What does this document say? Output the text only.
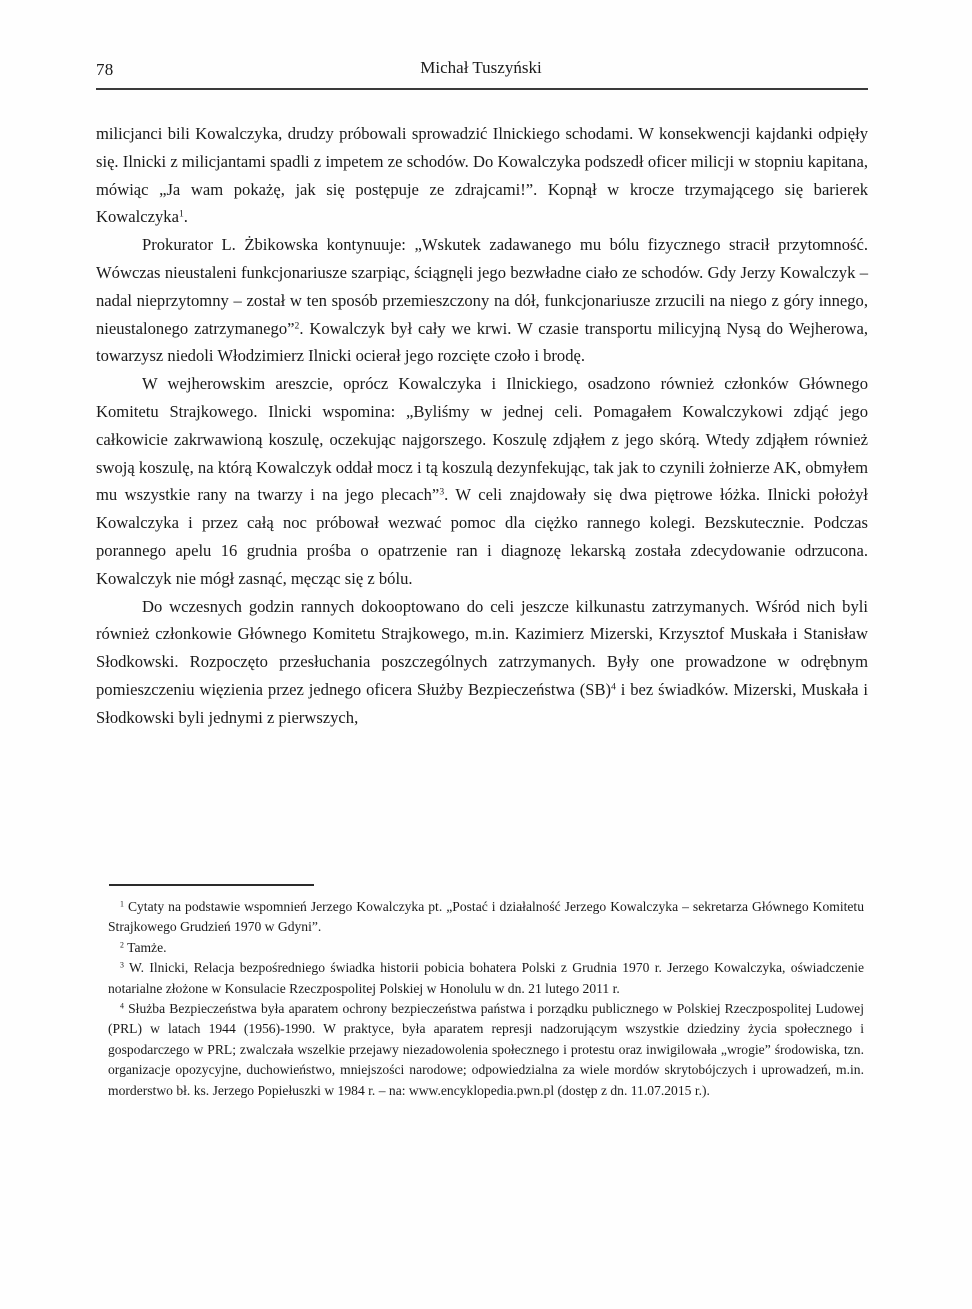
78	Michał Tuszyński

milicjanci bili Kowalczyka, drudzy próbowali sprowadzić Ilnickiego schodami. W konsekwencji kajdanki odpięły się. Ilnicki z milicjantami spadli z impetem ze schodów. Do Kowalczyka podszedł oficer milicji w stopniu kapitana, mówiąc „Ja wam pokażę, jak się postępuje ze zdrajcami!”. Kopnął w krocze trzymającego się barierek Kowalczyka$^1$.

Prokurator L. Żbikowska kontynuuje: „Wskutek zadawanego mu bólu fizycznego stracił przytomność. Wówczas nieustaleni funkcjonariusze szarpiąc, ściągnęli jego bezwładne ciało ze schodów. Gdy Jerzy Kowalczyk – nadal nieprzytomny – został w ten sposób przemieszczony na dół, funkcjonariusze zrzucili na niego z góry innego, nieustalonego zatrzymanego”$^2$. Kowalczyk był cały we krwi. W czasie transportu milicyjną Nysą do Wejherowa, towarzysz niedoli Włodzimierz Ilnicki ocierał jego rozcięte czoło i brodę.

W wejherowskim areszcie, oprócz Kowalczyka i Ilnickiego, osadzono również członków Głównego Komitetu Strajkowego. Ilnicki wspomina: „Byliśmy w jednej celi. Pomagałem Kowalczykowi zdjąć jego całkowicie zakrwawioną koszulę, oczekując najgorszego. Koszulę zdjąłem z jego skórą. Wtedy zdjąłem również swoją koszulę, na którą Kowalczyk oddał mocz i tą koszulą dezynfekując, tak jak to czynili żołnierze AK, obmyłem mu wszystkie rany na twarzy i na jego plecach”$^3$. W celi znajdowały się dwa piętrowe łóżka. Ilnicki położył Kowalczyka i przez całą noc próbował wezwać pomoc dla ciężko rannego kolegi. Bezskutecznie. Podczas porannego apelu 16 grudnia prośba o opatrzenie ran i diagnozę lekarską została zdecydowanie odrzucona. Kowalczyk nie mógł zasnąć, męcząc się z bólu.

Do wczesnych godzin rannych dokooptowano do celi jeszcze kilkunastu zatrzymanych. Wśród nich byli również członkowie Głównego Komitetu Strajkowego, m.in. Kazimierz Mizerski, Krzysztof Muskała i Stanisław Słodkowski. Rozpoczęto przesłuchania poszczególnych zatrzymanych. Były one prowadzone w odrębnym pomieszczeniu więzienia przez jednego oficera Służby Bezpieczeństwa (SB)$^4$ i bez świadków. Mizerski, Muskała i Słodkowski byli jednymi z pierwszych,

$^1$ Cytaty na podstawie wspomnień Jerzego Kowalczyka pt. „Postać i działalność Jerzego Kowalczyka – sekretarza Głównego Komitetu Strajkowego Grudzień 1970 w Gdyni”.

$^2$ Tamże.

$^3$ W. Ilnicki, Relacja bezpośredniego świadka historii pobicia bohatera Polski z Grudnia 1970 r. Jerzego Kowalczyka, oświadczenie notarialne złożone w Konsulacie Rzeczpospolitej Polskiej w Honolulu w dn. 21 lutego 2011 r.

$^4$ Służba Bezpieczeństwa była aparatem ochrony bezpieczeństwa państwa i porządku publicznego w Polskiej Rzeczpospolitej Ludowej (PRL) w latach 1944 (1956)-1990. W praktyce, była aparatem represji nadzorującym wszystkie dziedziny życia społecznego i gospodarczego w PRL; zwalczała wszelkie przejawy niezadowolenia społecznego i protestu oraz inwigilowała „wrogie” środowiska, tzn. organizacje opozycyjne, duchowieństwo, mniejszości narodowe; odpowiedzialna za wiele mordów skrytobójczych i uprowadzeń, m.in. morderstwo bł. ks. Jerzego Popiełuszki w 1984 r. – na: www.encyklopedia.pwn.pl (dostęp z dn. 11.07.2015 r.).
